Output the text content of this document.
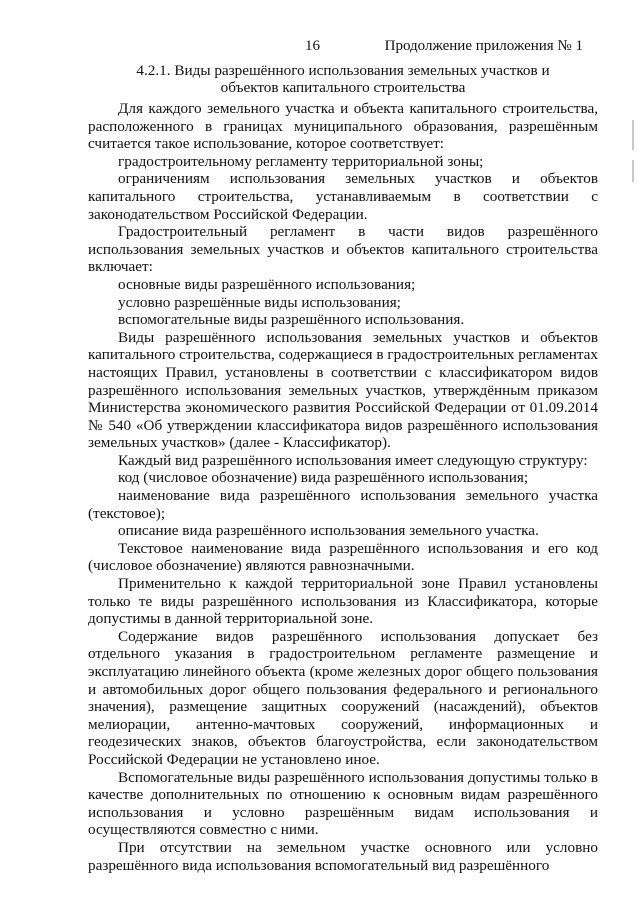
16	Продолжение приложения № 1
4.2.1. Виды разрешённого использования земельных участков и
объектов капитального строительства

Для каждого земельного участка и объекта капитального строительства, расположенного в границах муниципального образования, разрешённым считается такое использование, которое соответствует:

градостроительному регламенту территориальной зоны;

ограничениям использования земельных участков и объектов капитального строительства, устанавливаемым в соответствии с законодательством Российской Федерации.

Градостроительный регламент в части видов разрешённого использования земельных участков и объектов капитального строительства включает:

основные виды разрешённого использования;

условно разрешённые виды использования;

вспомогательные виды разрешённого использования.

Виды разрешённого использования земельных участков и объектов капитального строительства, содержащиеся в градостроительных регламентах настоящих Правил, установлены в соответствии с классификатором видов разрешённого использования земельных участков, утверждённым приказом Министерства экономического развития Российской Федерации от 01.09.2014 № 540 «Об утверждении классификатора видов разрешённого использования земельных участков» (далее - Классификатор).

Каждый вид разрешённого использования имеет следующую структуру:

код (числовое обозначение) вида разрешённого использования;

наименование вида разрешённого использования земельного участка (текстовое);

описание вида разрешённого использования земельного участка.

Текстовое наименование вида разрешённого использования и его код (числовое обозначение) являются равнозначными.

Применительно к каждой территориальной зоне Правил установлены только те виды разрешённого использования из Классификатора, которые допустимы в данной территориальной зоне.

Содержание видов разрешённого использования допускает без отдельного указания в градостроительном регламенте размещение и эксплуатацию линейного объекта (кроме железных дорог общего пользования и автомобильных дорог общего пользования федерального и регионального значения), размещение защитных сооружений (насаждений), объектов мелиорации, антенно-мачтовых сооружений, информационных и геодезических знаков, объектов благоустройства, если законодательством Российской Федерации не установлено иное.

Вспомогательные виды разрешённого использования допустимы только в качестве дополнительных по отношению к основным видам разрешённого использования и условно разрешённым видам использования и осуществляются совместно с ними.

При отсутствии на земельном участке основного или условно разрешённого вида использования вспомогательный вид разрешённого
